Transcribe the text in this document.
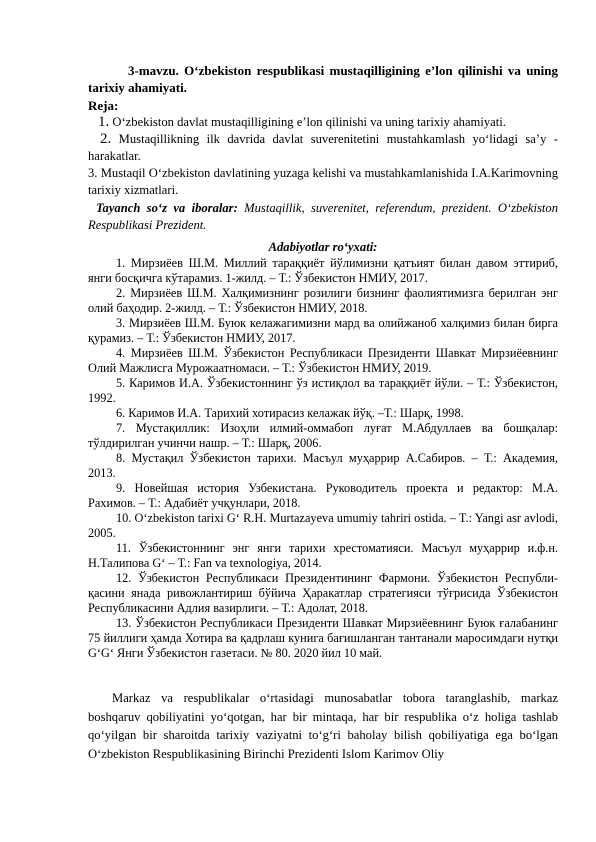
3-mavzu. O‘zbekiston respublikasi mustaqilligining e’lon qilinishi va uning tarixiy ahamiyati.

Reja:

1. O‘zbekiston davlat mustaqilligining e’lon qilinishi va uning tarixiy ahamiyati.

2. Mustaqillikning ilk davrida davlat suverenitetini mustahkamlash yo‘lidagi sa’y - harakatlar.

3. Mustaqil O‘zbekiston davlatining yuzaga kelishi va mustahkamlanishida I.A.Karimovning tarixiy xizmatlari.

Tayanch so‘z va iboralar: Mustaqillik, suverenitet, referendum, prezident. O‘zbekiston Respublikasi Prezident.

Adabiyotlar ro‘yxati:

1. Мирзиёев Ш.М. Миллий тараққиёт йўлимизни қатъият билан давом эттириб, янги босқичга кўтарамиз. 1-жилд. – Т.: Ўзбекистон НМИУ, 2017.

2. Мирзиёев Ш.М. Халқимизнинг розилиги бизнинг фаолиятимизга берилган энг олий баҳодир. 2-жилд. – Т.: Ўзбекистон НМИУ, 2018.

3. Мирзиёев Ш.М. Буюк келажагимизни мард ва олийжаноб халқимиз билан бирга қурамиз. – Т.: Ўзбекистон НМИУ, 2017.

4. Мирзиёев Ш.М. Ўзбекистон Республикаси Президенти Шавкат Мирзиёевнинг Олий Мажлисга Мурожаатномаси. – Т.: Ўзбекистон НМИУ, 2019.

5. Каримов И.А. Ўзбекистоннинг ўз истиқлол ва тараққиёт йўли. – Т.: Ўзбекистон, 1992.

6. Каримов И.А. Тарихий хотирасиз келажак йўқ. –Т.: Шарқ, 1998.

7. Мустақиллик: Изоҳли илмий-оммабоп луғат М.Абдуллаев ва бошқалар: тўлдирилган учинчи нашр. – Т.: Шарқ, 2006.

8. Мустақил Ўзбекистон тарихи. Масъул муҳаррир А.Сабиров. – Т.: Академия, 2013.

9. Новейшая история Узбекистана. Руководитель проекта и редактор: М.А. Рахимов. – Т.: Адабиёт учқунлари, 2018.

10. O‘zbekiston tarixi G‘ R.H. Murtazayeva umumiy tahriri ostida. – T.: Yangi asr avlodi, 2005.

11. Ўзбекистоннинг энг янги тарихи хрестоматияси. Масъул муҳаррир и.ф.н. Н.Талипова G‘ – Т.: Fan va texnologiya, 2014.

12. Ўзбекистон Республикаси Президентининг Фармони. Ўзбекистон Республи-қасини янада ривожлантириш бўйича Ҳаракатлар стратегияси тўғрисида Ўзбекистон Республикасини Адлия вазирлиги. – Т.: Адолат, 2018.

13. Ўзбекистон Республикаси Президенти Шавкат Мирзиёевнинг Буюк ғалабанинг 75 йиллиги ҳамда Хотира ва қадрлаш кунига бағишланган тантанали маросимдаги нутқи G‘G‘ Янги Ўзбекистон газетаси. № 80. 2020 йил 10 май.

Markaz va respublikalar o‘rtasidagi munosabatlar tobora taranglashib, markaz boshqaruv qobiliyatini yo‘qotgan, har bir mintaqa, har bir respublika o‘z holiga tashlab qo‘yilgan bir sharoitda tarixiy vaziyatni to‘g‘ri baholay bilish qobiliyatiga ega bo‘lgan O‘zbekiston Respublikasining Birinchi Prezidenti Islom Karimov Oliy
